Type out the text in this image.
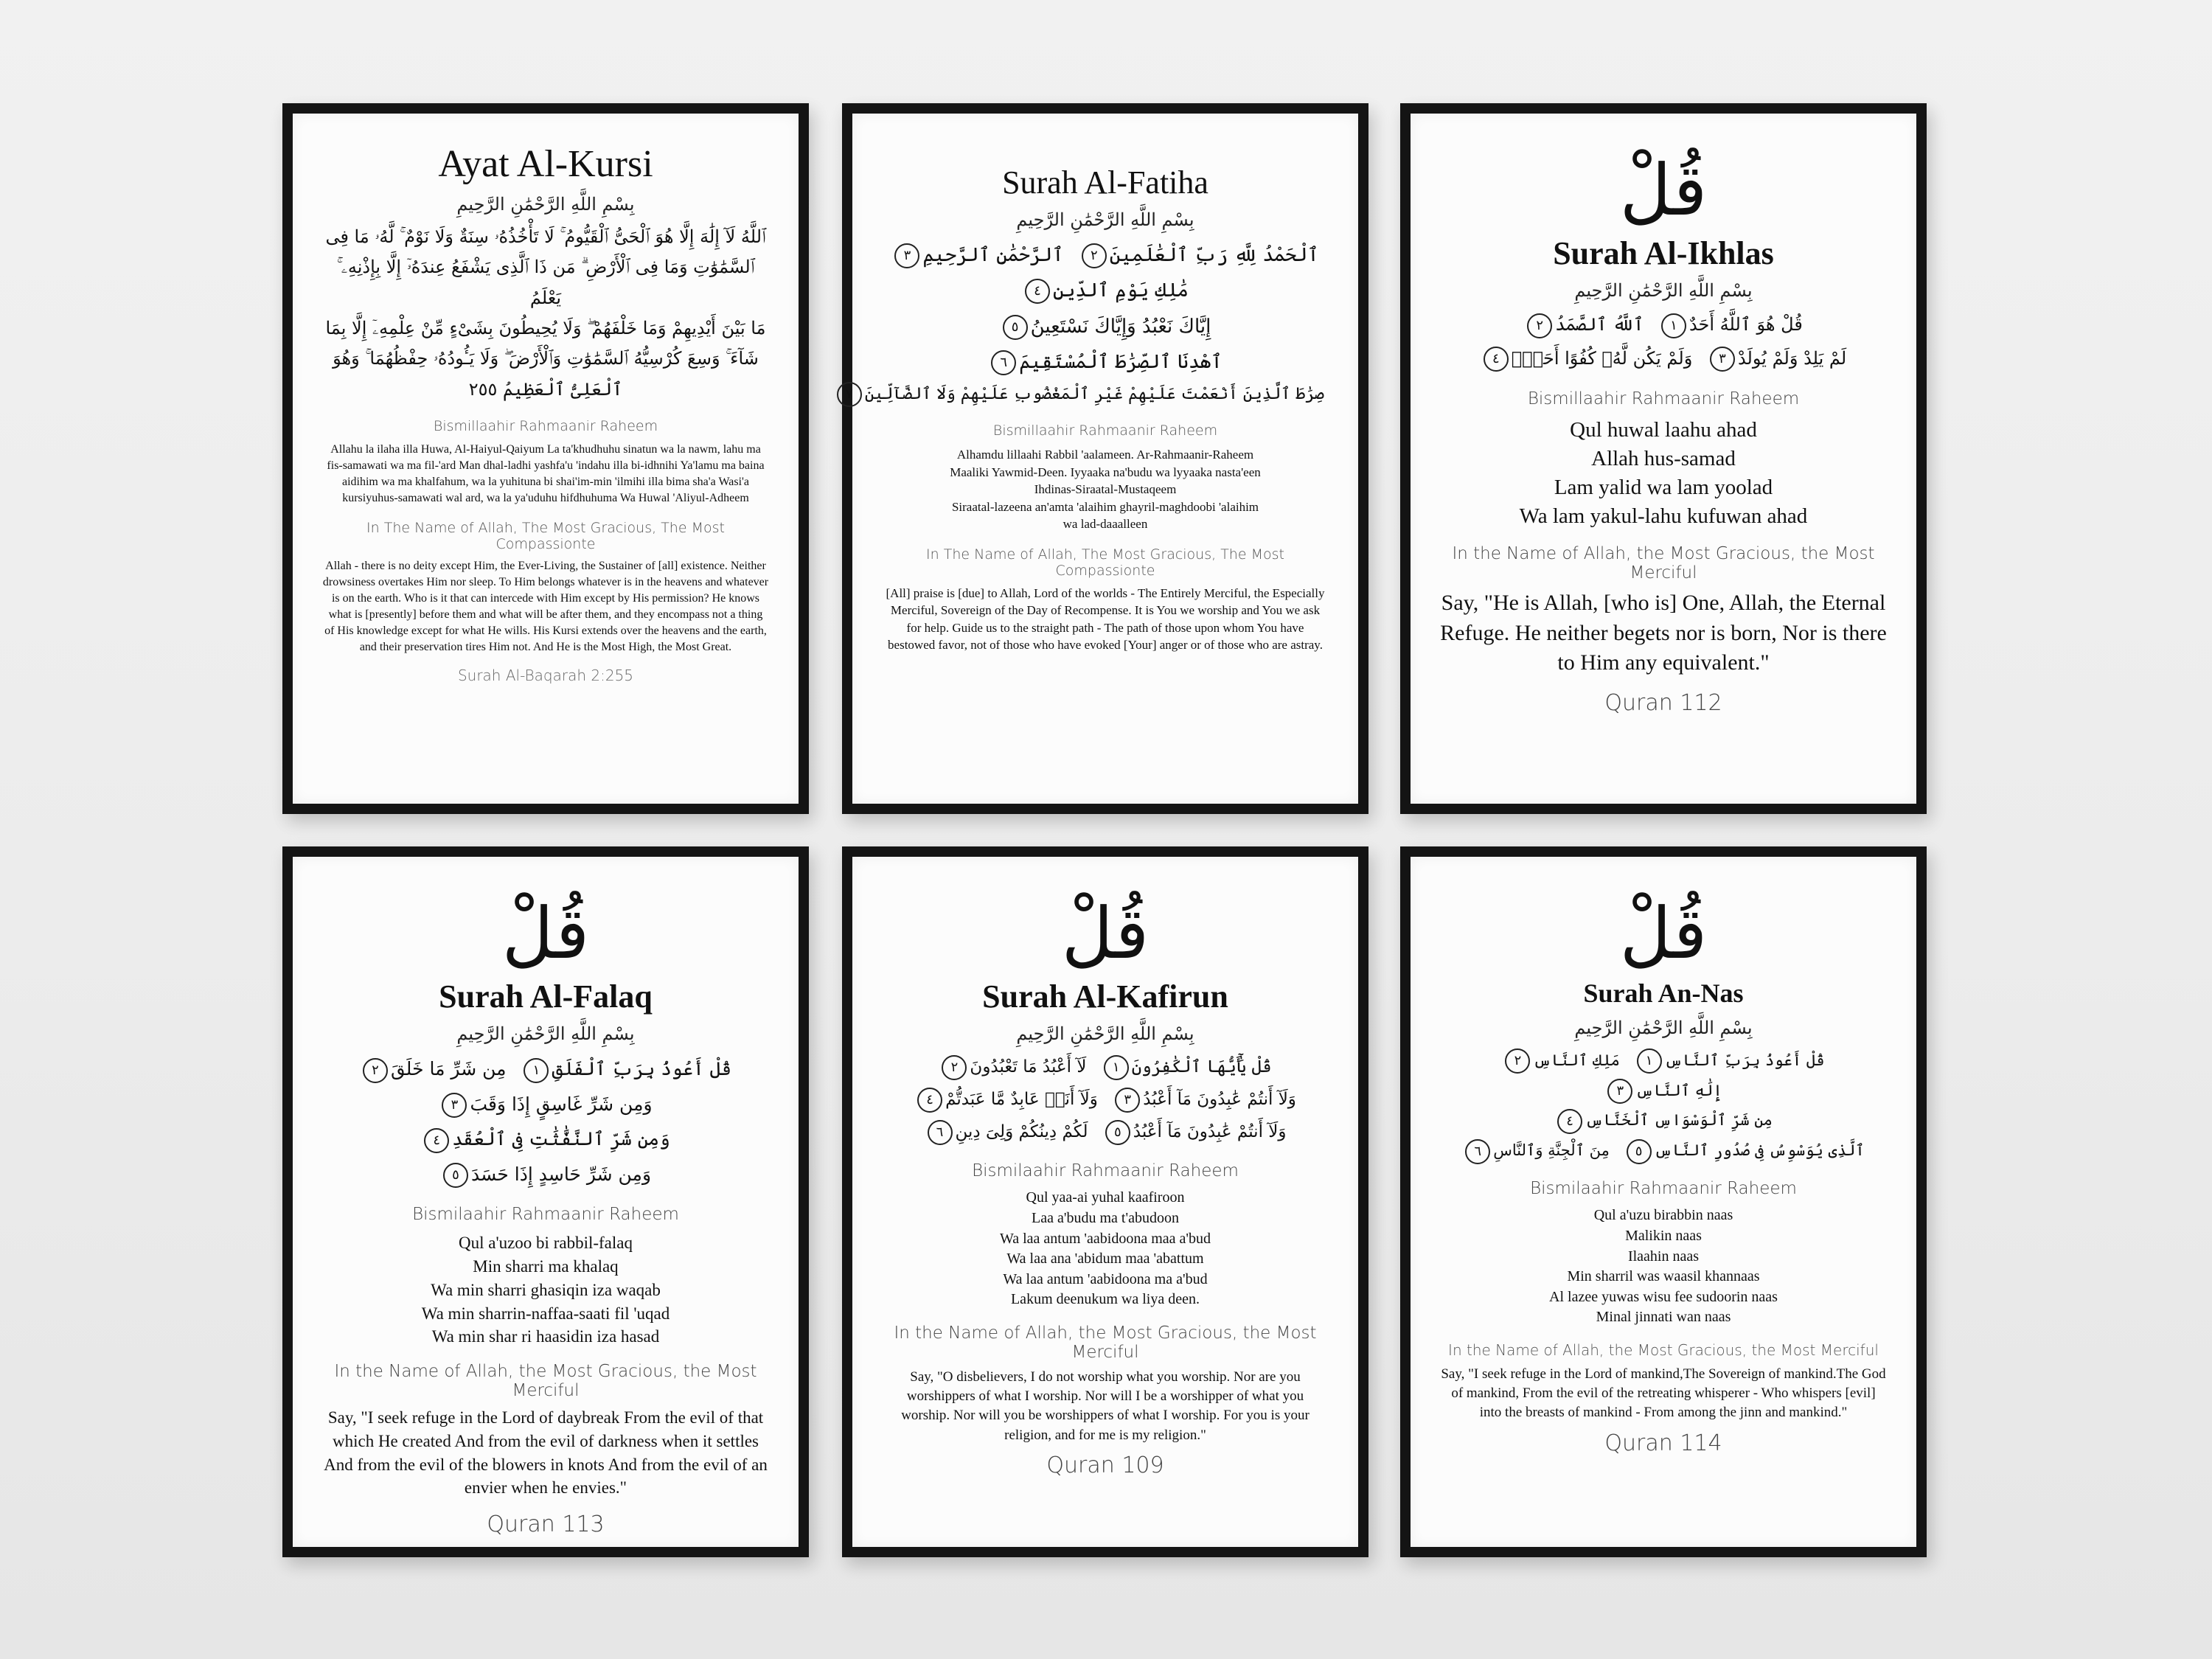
Ayat Al-Kursi
بِسْمِ اللَّهِ الرَّحْمَٰنِ الرَّحِيمِ
ٱللَّهُ لَآ إِلَٰهَ إِلَّا هُوَ ٱلْحَىُّ ٱلْقَيُّومُ ۚ لَا تَأْخُذُهُۥ سِنَةٌ وَلَا نَوْمٌ ۚ لَّهُۥ مَا فِى
ٱلسَّمَٰوَٰتِ وَمَا فِى ٱلْأَرْضِ ۗ مَن ذَا ٱلَّذِى يَشْفَعُ عِندَهُۥٓ إِلَّا بِإِذْنِهِۦ ۚ يَعْلَمُ
مَا بَيْنَ أَيْدِيهِمْ وَمَا خَلْفَهُمْ ۖ وَلَا يُحِيطُونَ بِشَىْءٍ مِّنْ عِلْمِهِۦٓ إِلَّا بِمَا
شَآءَ ۚ وَسِعَ كُرْسِيُّهُ ٱلسَّمَٰوَٰتِ وَٱلْأَرْضَ ۖ وَلَا يَـُٔودُهُۥ حِفْظُهُمَا ۚ وَهُوَ
ٱلْعَلِىُّ ٱلْعَظِيمُ ٢٥٥
Bismillaahir Rahmaanir Raheem
Allahu la ilaha illa Huwa, Al-Haiyul-Qaiyum La ta'khudhuhu sinatun wa la nawm, lahu ma fis-samawati wa ma fil-'ard Man dhal-ladhi yashfa'u 'indahu illa bi-idhnihi Ya'lamu ma baina aidihim wa ma khalfahum, wa la yuhituna bi shai'im-min 'ilmihi illa bima sha'a Wasi'a kursiyuhus-samawati wal ard, wa la ya'uduhu hifdhuhuma Wa Huwal 'Aliyul-Adheem
In The Name of Allah, The Most Gracious, The Most Compassionte
Allah - there is no deity except Him, the Ever-Living, the Sustainer of [all] existence. Neither drowsiness overtakes Him nor sleep. To Him belongs whatever is in the heavens and whatever is on the earth. Who is it that can intercede with Him except by His permission? He knows what is [presently] before them and what will be after them, and they encompass not a thing of His knowledge except for what He wills. His Kursi extends over the heavens and the earth, and their preservation tires Him not. And He is the Most High, the Most Great.
Surah Al-Baqarah 2:255
Surah Al-Fatiha
بِسْمِ اللَّهِ الرَّحْمَٰنِ الرَّحِيمِ
ٱلْحَمْدُ لِلَّهِ رَبِّ ٱلْعَٰلَمِينَ٢ ٱلرَّحْمَٰنِ ٱلرَّحِيمِ٣
مَٰلِكِ يَوْمِ ٱلدِّينِ٤
إِيَّاكَ نَعْبُدُ وَإِيَّاكَ نَسْتَعِينُ٥
ٱهْدِنَا ٱلصِّرَٰطَ ٱلْمُسْتَقِيمَ٦
صِرَٰطَ ٱلَّذِينَ أَنْعَمْتَ عَلَيْهِمْ غَيْرِ ٱلْمَغْضُوبِ عَلَيْهِمْ وَلَا ٱلضَّآلِّينَ٧
Bismillaahir Rahmaanir Raheem
Alhamdu lillaahi Rabbil 'aalameen. Ar-Rahmaanir-Raheem
Maaliki Yawmid-Deen. Iyyaaka na'budu wa lyyaaka nasta'een
Ihdinas-Siraatal-Mustaqeem
Siraatal-lazeena an'amta 'alaihim ghayril-maghdoobi 'alaihim
wa lad-daaalleen
In The Name of Allah, The Most Gracious, The Most Compassionte
[All] praise is [due] to Allah, Lord of the worlds - The Entirely Merciful, the Especially Merciful, Sovereign of the Day of Recompense. It is You we worship and You we ask for help. Guide us to the straight path - The path of those upon whom You have bestowed favor, not of those who have evoked [Your] anger or of those who are astray.
قُلْ
Surah Al-Ikhlas
بِسْمِ اللَّهِ الرَّحْمَٰنِ الرَّحِيمِ
قُلْ هُوَ ٱللَّهُ أَحَدٌ١ ٱللَّهُ ٱلصَّمَدُ٢
لَمْ يَلِدْ وَلَمْ يُولَدْ٣ وَلَمْ يَكُن لَّهُۥ كُفُوًا أَحَدٌۢ٤
Bismillaahir Rahmaanir Raheem
Qul huwal laahu ahad
Allah hus-samad
Lam yalid wa lam yoolad
Wa lam yakul-lahu kufuwan ahad
In the Name of Allah, the Most Gracious, the Most Merciful
Say, "He is Allah, [who is] One, Allah, the Eternal Refuge. He neither begets nor is born, Nor is there to Him any equivalent."
Quran 112
قُلْ
Surah Al-Falaq
بِسْمِ اللَّهِ الرَّحْمَٰنِ الرَّحِيمِ
قُلْ أَعُوذُ بِرَبِّ ٱلْفَلَقِ١ مِن شَرِّ مَا خَلَقَ٢
وَمِن شَرِّ غَاسِقٍ إِذَا وَقَبَ٣ وَمِن شَرِّ ٱلنَّفَّٰثَٰتِ فِى ٱلْعُقَدِ٤
وَمِن شَرِّ حَاسِدٍ إِذَا حَسَدَ٥
Bismilaahir Rahmaanir Raheem
Qul a'uzoo bi rabbil-falaq
Min sharri ma khalaq
Wa min sharri ghasiqin iza waqab
Wa min sharrin-naffaa-saati fil 'uqad
Wa min shar ri haasidin iza hasad
In the Name of Allah, the Most Gracious, the Most Merciful
Say, "I seek refuge in the Lord of daybreak From the evil of that which He created And from the evil of darkness when it settles And from the evil of the blowers in knots And from the evil of an envier when he envies."
Quran 113
قُلْ
Surah Al-Kafirun
بِسْمِ اللَّهِ الرَّحْمَٰنِ الرَّحِيمِ
قُلْ يَٰٓأَيُّهَا ٱلْكَٰفِرُونَ١ لَآ أَعْبُدُ مَا تَعْبُدُونَ٢
وَلَآ أَنتُمْ عَٰبِدُونَ مَآ أَعْبُدُ٣ وَلَآ أَنَا۠ عَابِدٌ مَّا عَبَدتُّمْ٤
وَلَآ أَنتُمْ عَٰبِدُونَ مَآ أَعْبُدُ٥ لَكُمْ دِينُكُمْ وَلِىَ دِينِ٦
Bismilaahir Rahmaanir Raheem
Qul yaa-ai yuhal kaafiroon
Laa a'budu ma t'abudoon
Wa laa antum 'aabidoona maa a'bud
Wa laa ana 'abidum maa 'abattum
Wa laa antum 'aabidoona ma a'bud
Lakum deenukum wa liya deen.
In the Name of Allah, the Most Gracious, the Most Merciful
Say, "O disbelievers, I do not worship what you worship. Nor are you worshippers of what I worship. Nor will I be a worshipper of what you worship. Nor will you be worshippers of what I worship. For you is your religion, and for me is my religion."
Quran 109
قُلْ
Surah An-Nas
بِسْمِ اللَّهِ الرَّحْمَٰنِ الرَّحِيمِ
قُلْ أَعُوذُ بِرَبِّ ٱلنَّاسِ١ مَلِكِ ٱلنَّاسِ٢ إِلَٰهِ ٱلنَّاسِ٣
مِن شَرِّ ٱلْوَسْوَاسِ ٱلْخَنَّاسِ٤
ٱلَّذِى يُوَسْوِسُ فِى صُدُورِ ٱلنَّاسِ٥ مِنَ ٱلْجِنَّةِ وَٱلنَّاسِ٦
Bismilaahir Rahmaanir Raheem
Qul a'uzu birabbin naas
Malikin naas
Ilaahin naas
Min sharril was waasil khannaas
Al lazee yuwas wisu fee sudoorin naas
Minal jinnati wan naas
In the Name of Allah, the Most Gracious, the Most Merciful
Say, "I seek refuge in the Lord of mankind,The Sovereign of mankind.The God of mankind, From the evil of the retreating whisperer - Who whispers [evil] into the breasts of mankind - From among the jinn and mankind."
Quran 114
